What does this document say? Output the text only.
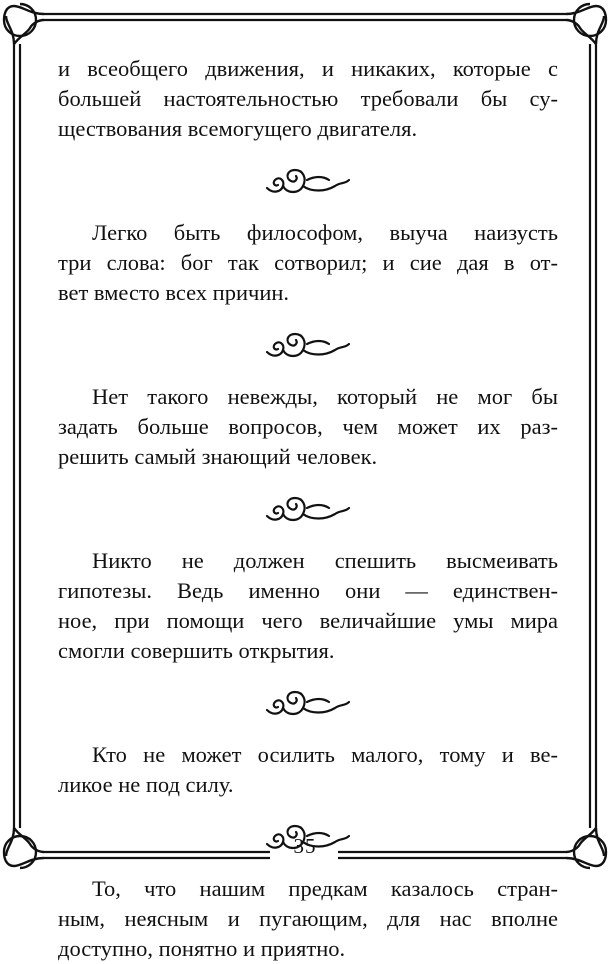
и всеобщего движения, и никаких, которые с
большей настоятельностью требовали бы су-
ществования всемогущего двигателя.
Легко быть философом, выуча наизусть
три слова: бог так сотворил; и сие дая в от-
вет вместо всех причин.
Нет такого невежды, который не мог бы
задать больше вопросов, чем может их раз-
решить самый знающий человек.
Никто не должен спешить высмеивать
гипотезы. Ведь именно они — единствен-
ное, при помощи чего величайшие умы мира
смогли совершить открытия.
Кто не может осилить малого, тому и ве-
ликое не под силу.
То, что нашим предкам казалось стран-
ным, неясным и пугающим, для нас вполне
доступно, понятно и приятно.
35
